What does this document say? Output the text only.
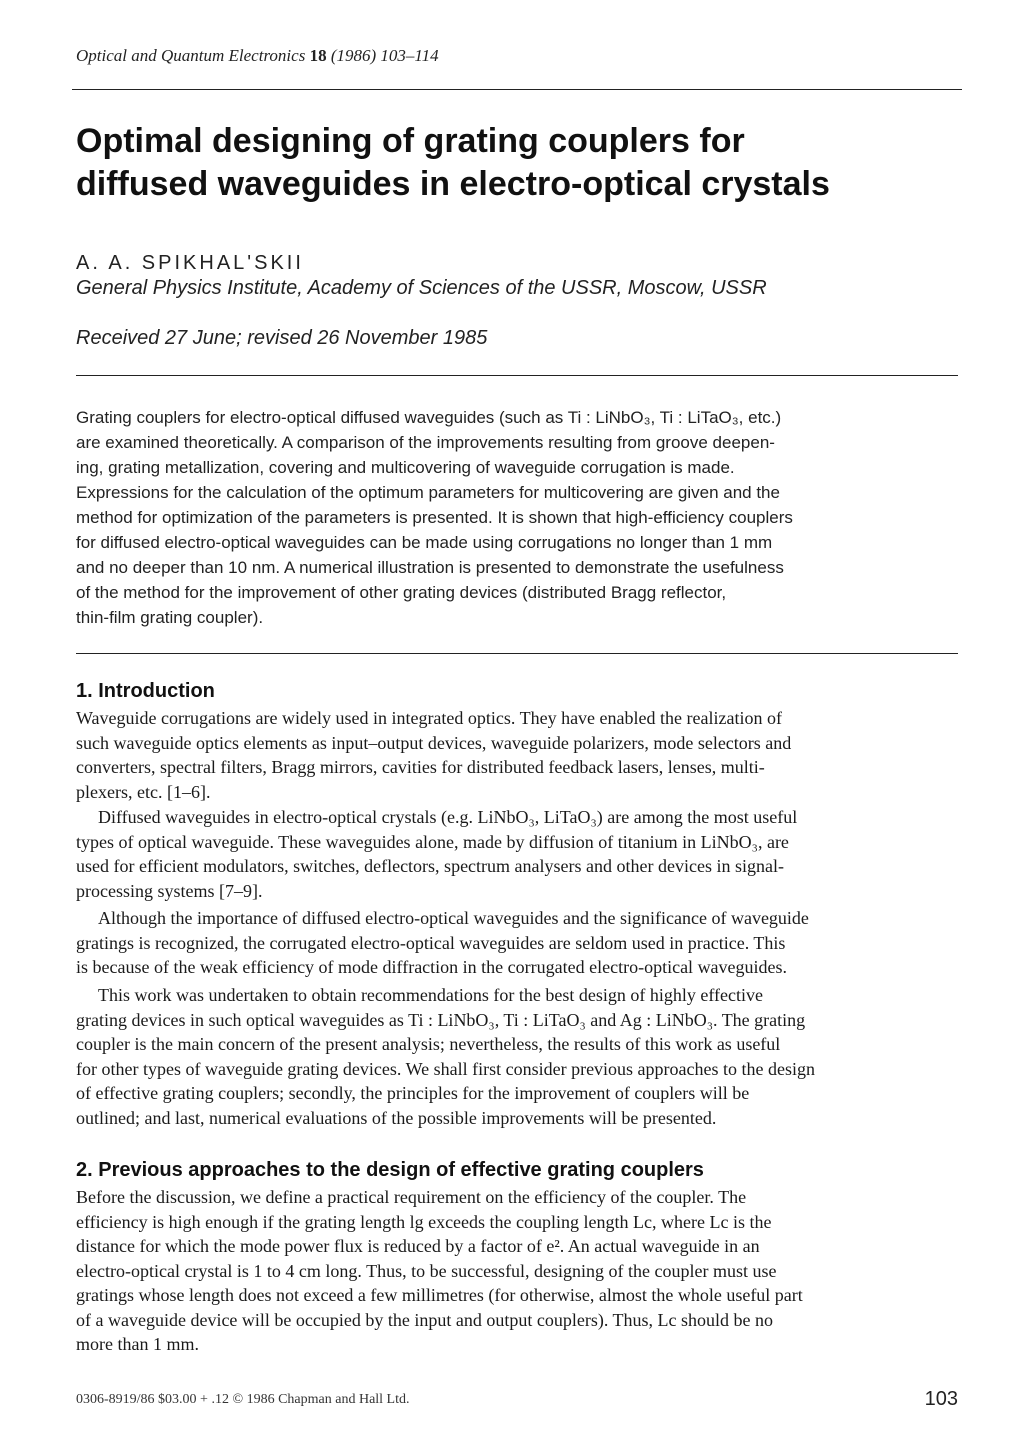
Optical and Quantum Electronics 18 (1986) 103–114
Optimal designing of grating couplers for
diffused waveguides in electro-optical crystals
A. A. SPIKHAL'SKII
General Physics Institute, Academy of Sciences of the USSR, Moscow, USSR
Received 27 June; revised 26 November 1985
Grating couplers for electro-optical diffused waveguides (such as Ti : LiNbO₃, Ti : LiTaO₃, etc.)
are examined theoretically. A comparison of the improvements resulting from groove deepen-
ing, grating metallization, covering and multicovering of waveguide corrugation is made.
Expressions for the calculation of the optimum parameters for multicovering are given and the
method for optimization of the parameters is presented. It is shown that high-efficiency couplers
for diffused electro-optical waveguides can be made using corrugations no longer than 1 mm
and no deeper than 10 nm. A numerical illustration is presented to demonstrate the usefulness
of the method for the improvement of other grating devices (distributed Bragg reflector,
thin-film grating coupler).
1. Introduction
Waveguide corrugations are widely used in integrated optics. They have enabled the realization of
such waveguide optics elements as input–output devices, waveguide polarizers, mode selectors and
converters, spectral filters, Bragg mirrors, cavities for distributed feedback lasers, lenses, multi-
plexers, etc. [1–6].
Diffused waveguides in electro-optical crystals (e.g. LiNbO₃, LiTaO₃) are among the most useful
types of optical waveguide. These waveguides alone, made by diffusion of titanium in LiNbO₃, are
used for efficient modulators, switches, deflectors, spectrum analysers and other devices in signal-
processing systems [7–9].
Although the importance of diffused electro-optical waveguides and the significance of waveguide
gratings is recognized, the corrugated electro-optical waveguides are seldom used in practice. This
is because of the weak efficiency of mode diffraction in the corrugated electro-optical waveguides.
This work was undertaken to obtain recommendations for the best design of highly effective
grating devices in such optical waveguides as Ti : LiNbO₃, Ti : LiTaO₃ and Ag : LiNbO₃. The grating
coupler is the main concern of the present analysis; nevertheless, the results of this work as useful
for other types of waveguide grating devices. We shall first consider previous approaches to the design
of effective grating couplers; secondly, the principles for the improvement of couplers will be
outlined; and last, numerical evaluations of the possible improvements will be presented.
2. Previous approaches to the design of effective grating couplers
Before the discussion, we define a practical requirement on the efficiency of the coupler. The
efficiency is high enough if the grating length lg exceeds the coupling length Lc, where Lc is the
distance for which the mode power flux is reduced by a factor of e². An actual waveguide in an
electro-optical crystal is 1 to 4 cm long. Thus, to be successful, designing of the coupler must use
gratings whose length does not exceed a few millimetres (for otherwise, almost the whole useful part
of a waveguide device will be occupied by the input and output couplers). Thus, Lc should be no
more than 1 mm.
0306-8919/86 $03.00 + .12 © 1986 Chapman and Hall Ltd.	103
